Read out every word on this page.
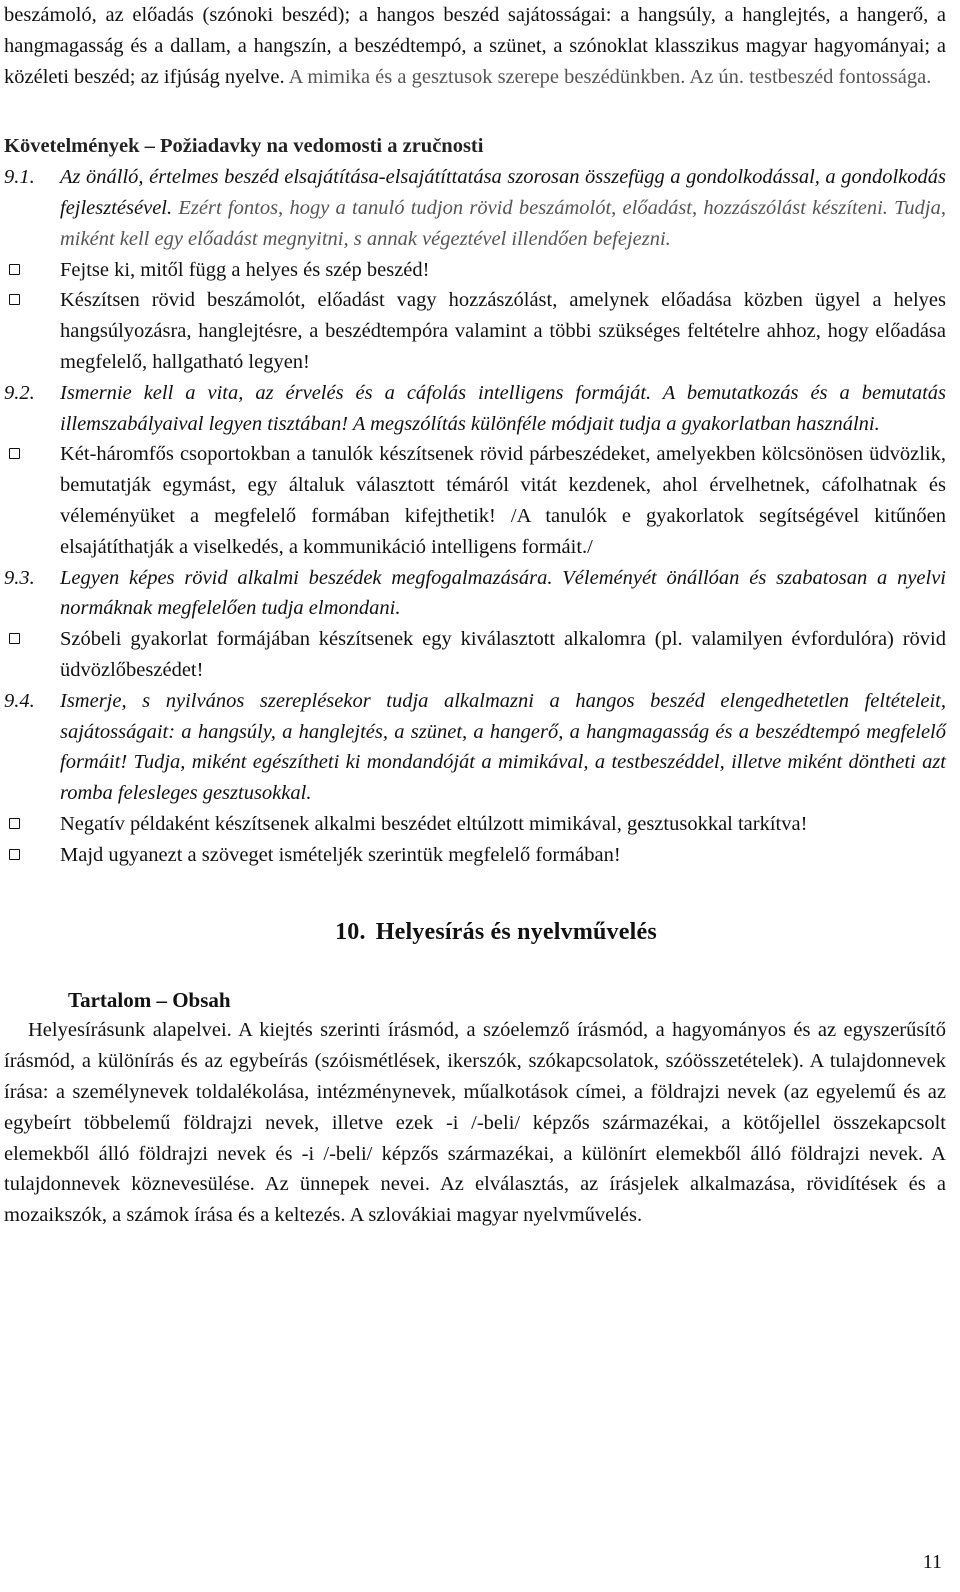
beszámoló, az előadás (szónoki beszéd); a hangos beszéd sajátosságai: a hangsúly, a hanglejtés, a hangerő, a hangmagasság és a dallam, a hangszín, a beszédtempó, a szünet, a szónoklat klasszikus magyar hagyományai; a közéleti beszéd; az ifjúság nyelve. A mimika és a gesztusok szerepe beszédünkben. Az ún. testbeszéd fontossága.

Követelmények – Požiadavky na vedomosti a zručnosti

9.1.	Az önálló, értelmes beszéd elsajátítása-elsajátíttatása szorosan összefügg a gondolkodással, a gondolkodás fejlesztésével. Ezért fontos, hogy a tanuló tudjon rövid beszámolót, előadást, hozzászólást készíteni. Tudja, miként kell egy előadást megnyitni, s annak végeztével illendően befejezni.
Fejtse ki, mitől függ a helyes és szép beszéd!
Készítsen rövid beszámolót, előadást vagy hozzászólást, amelynek előadása közben ügyel a helyes hangsúlyozásra, hanglejtésre, a beszédtempóra valamint a többi szükséges feltételre ahhoz, hogy előadása megfelelő, hallgatható legyen!
9.2.	Ismernie kell a vita, az érvelés és a cáfolás intelligens formáját. A bemutatkozás és a bemutatás illemszabályaival legyen tisztában! A megszólítás különféle módjait tudja a gyakorlatban használni.
Két-háromfős csoportokban a tanulók készítsenek rövid párbeszédeket, amelyekben kölcsönösen üdvözlik, bemutatják egymást, egy általuk választott témáról vitát kezdenek, ahol érvelhetnek, cáfolhatnak és véleményüket a megfelelő formában kifejthetik! /A tanulók e gyakorlatok segítségével kitűnően elsajátíthatják a viselkedés, a kommunikáció intelligens formáit./
9.3.	Legyen képes rövid alkalmi beszédek megfogalmazására. Véleményét önállóan és szabatosan a nyelvi normáknak megfelelően tudja elmondani.
Szóbeli gyakorlat formájában készítsenek egy kiválasztott alkalomra (pl. valamilyen évfordulóra) rövid üdvözlőbeszédet!
9.4.	Ismerje, s nyilvános szereplésekor tudja alkalmazni a hangos beszéd elengedhetetlen feltételeit, sajátosságait: a hangsúly, a hanglejtés, a szünet, a hangerő, a hangmagasság és a beszédtempó megfelelő formáit! Tudja, miként egészítheti ki mondandóját a mimikával, a testbeszéddel, illetve miként döntheti azt romba felesleges gesztusokkal.
Negatív példaként készítsenek alkalmi beszédet eltúlzott mimikával, gesztusokkal tarkítva!
Majd ugyanezt a szöveget ismételjék szerintük megfelelő formában!

10. Helyesírás és nyelvművelés

Tartalom – Obsah

Helyesírásunk alapelvei. A kiejtés szerinti írásmód, a szóelemző írásmód, a hagyományos és az egyszerűsítő írásmód, a különírás és az egybeírás (szóismétlések, ikerszók, szókapcsolatok, szóösszetételek). A tulajdonnevek írása: a személynevek toldalékolása, intézménynevek, műalkotások címei, a földrajzi nevek (az egyelemű és az egybeírt többelemű földrajzi nevek, illetve ezek -i /-beli/ képzős származékai, a kötőjellel összekapcsolt elemekből álló földrajzi nevek és -i /-beli/ képzős származékai, a különírt elemekből álló földrajzi nevek. A tulajdonnevek köznevesülése. Az ünnepek nevei. Az elválasztás, az írásjelek alkalmazása, rövidítések és a mozaikszók, a számok írása és a keltezés. A szlovákiai magyar nyelvművelés.

11
